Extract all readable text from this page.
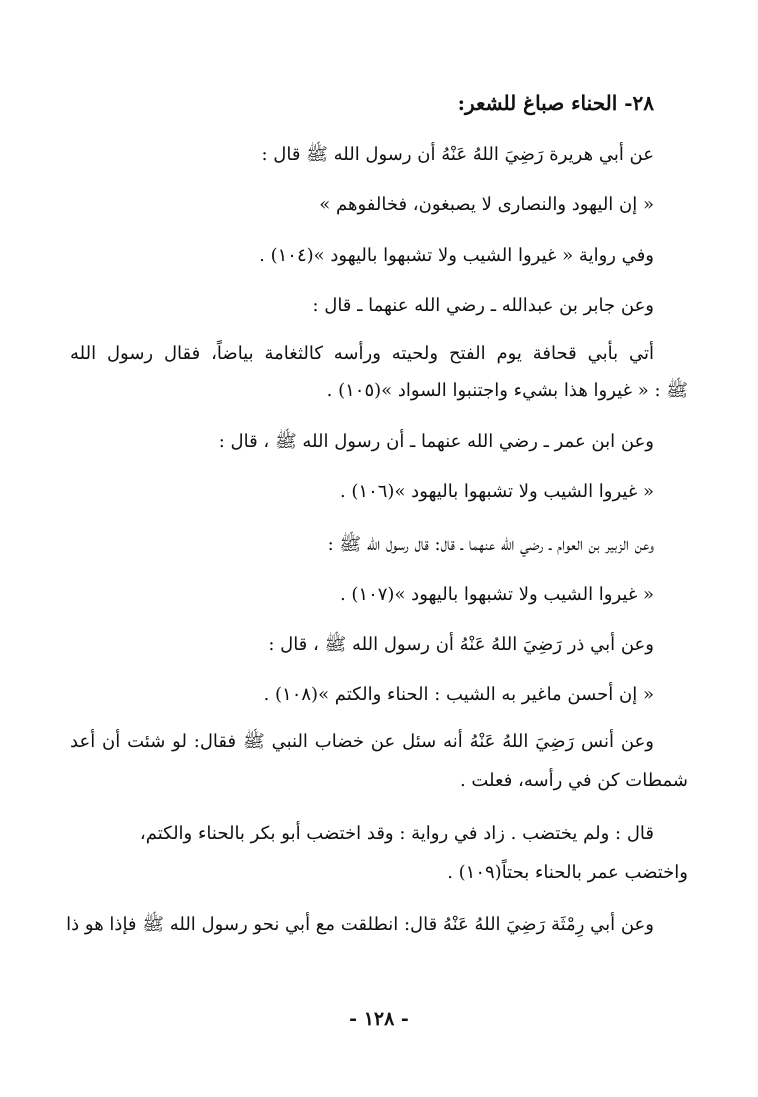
٢٨- الحناء صباغ للشعر:
عن أبي هريرة رَضِيَ اللهُ عَنْهُ أن رسول الله ﷺ قال :
« إن اليهود والنصارى لا يصبغون، فخالفوهم »
وفي رواية « غيروا الشيب ولا تشبهوا باليهود »(١٠٤) .
وعن جابر بن عبدالله ـ رضي الله عنهما ـ قال :
أتي بأبي قحافة يوم الفتح ولحيته ورأسه كالثغامة بياضاً، فقال رسول الله
ﷺ : « غيروا هذا بشيء واجتنبوا السواد »(١٠٥) .
وعن ابن عمر ـ رضي الله عنهما ـ أن رسول الله ﷺ ، قال :
« غيروا الشيب ولا تشبهوا باليهود »(١٠٦) .
وعن الزبير بن العوام ـ رضي الله عنهما ـ قال: قال رسول الله ﷺ :
« غيروا الشيب ولا تشبهوا باليهود »(١٠٧) .
وعن أبي ذر رَضِيَ اللهُ عَنْهُ أن رسول الله ﷺ ، قال :
« إن أحسن ماغير به الشيب : الحناء والكتم »(١٠٨) .
وعن أنس رَضِيَ اللهُ عَنْهُ أنه سئل عن خضاب النبي ﷺ فقال: لو شئت أن أعد
شمطات كن في رأسه، فعلت .
قال : ولم يختضب . زاد في رواية : وقد اختضب أبو بكر بالحناء والكتم،
واختضب عمر بالحناء بحتاً(١٠٩) .
وعن أبي رِمْثَة رَضِيَ اللهُ عَنْهُ قال: انطلقت مع أبي نحو رسول الله ﷺ فإذا هو ذا
- ١٢٨ -
